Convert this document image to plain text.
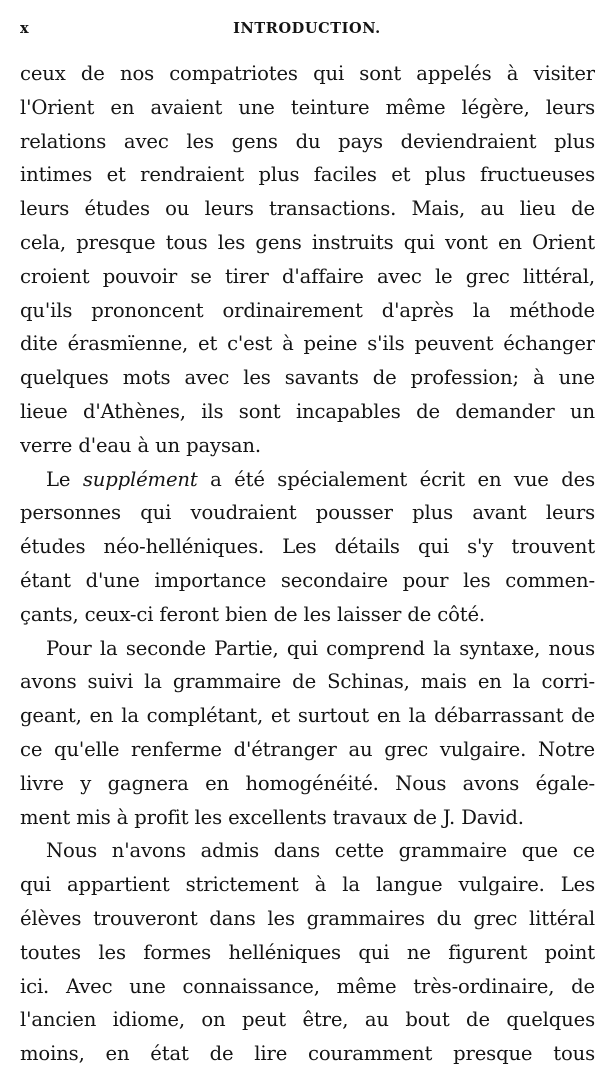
x	INTRODUCTION.
ceux de nos compatriotes qui sont appelés à visiter
l'Orient en avaient une teinture même légère, leurs
relations avec les gens du pays deviendraient plus
intimes et rendraient plus faciles et plus fructueuses
leurs études ou leurs transactions. Mais, au lieu de
cela, presque tous les gens instruits qui vont en Orient
croient pouvoir se tirer d'affaire avec le grec littéral,
qu'ils prononcent ordinairement d'après la méthode
dite érasmïenne, et c'est à peine s'ils peuvent échanger
quelques mots avec les savants de profession; à une
lieue d'Athènes, ils sont incapables de demander un
verre d'eau à un paysan.
Le supplément a été spécialement écrit en vue des
personnes qui voudraient pousser plus avant leurs
études néo-helléniques. Les détails qui s'y trouvent
étant d'une importance secondaire pour les commen-
çants, ceux-ci feront bien de les laisser de côté.
Pour la seconde Partie, qui comprend la syntaxe, nous
avons suivi la grammaire de Schinas, mais en la corri-
geant, en la complétant, et surtout en la débarrassant de
ce qu'elle renferme d'étranger au grec vulgaire. Notre
livre y gagnera en homogénéité. Nous avons égale-
ment mis à profit les excellents travaux de J. David.
Nous n'avons admis dans cette grammaire que ce
qui appartient strictement à la langue vulgaire. Les
élèves trouveront dans les grammaires du grec littéral
toutes les formes helléniques qui ne figurent point
ici. Avec une connaissance, même très-ordinaire, de
l'ancien idiome, on peut être, au bout de quelques
moins, en état de lire couramment presque tous
